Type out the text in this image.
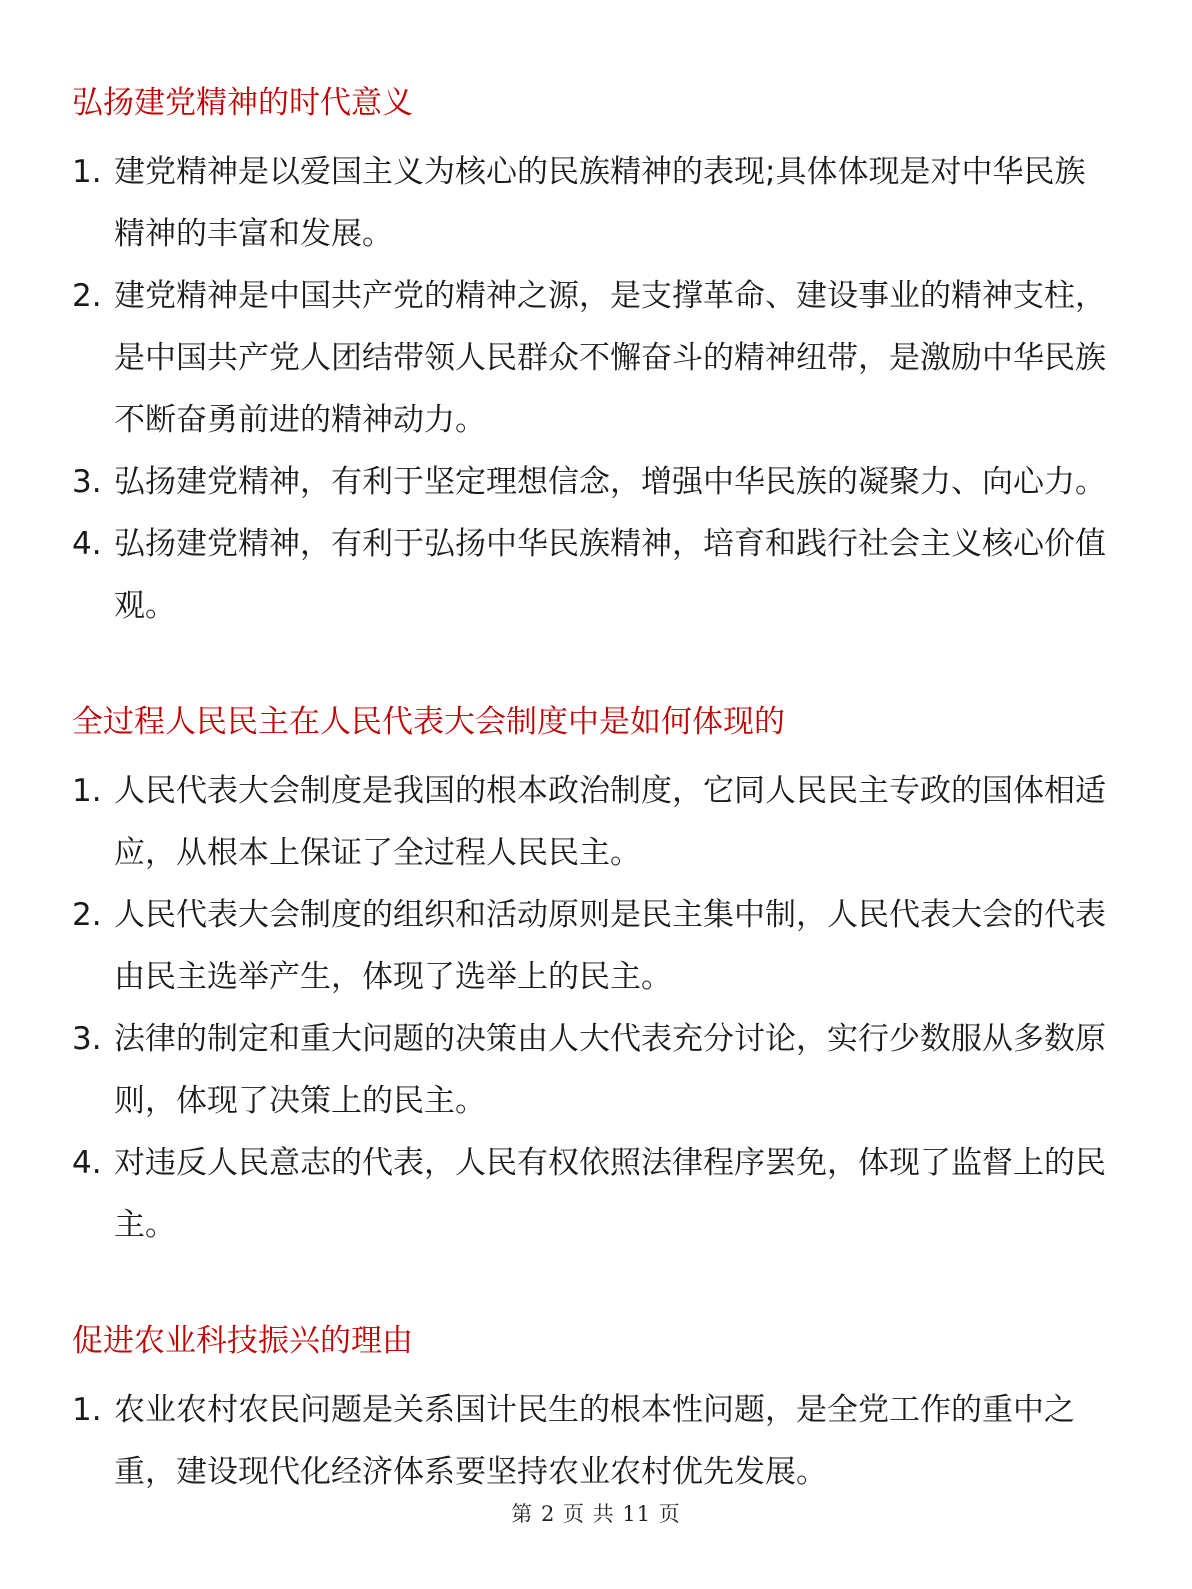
弘扬建党精神的时代意义
1. 建党精神是以爱国主义为核心的民族精神的表现;具体体现是对中华民族精神的丰富和发展。
2. 建党精神是中国共产党的精神之源，是支撑革命、建设事业的精神支柱，是中国共产党人团结带领人民群众不懈奋斗的精神纽带，是激励中华民族不断奋勇前进的精神动力。
3. 弘扬建党精神，有利于坚定理想信念，增强中华民族的凝聚力、向心力。
4. 弘扬建党精神，有利于弘扬中华民族精神，培育和践行社会主义核心价值观。
全过程人民民主在人民代表大会制度中是如何体现的
1. 人民代表大会制度是我国的根本政治制度，它同人民民主专政的国体相适应，从根本上保证了全过程人民民主。
2. 人民代表大会制度的组织和活动原则是民主集中制，人民代表大会的代表由民主选举产生，体现了选举上的民主。
3. 法律的制定和重大问题的决策由人大代表充分讨论，实行少数服从多数原则，体现了决策上的民主。
4. 对违反人民意志的代表，人民有权依照法律程序罢免，体现了监督上的民主。
促进农业科技振兴的理由
1. 农业农村农民问题是关系国计民生的根本性问题，是全党工作的重中之重，建设现代化经济体系要坚持农业农村优先发展。
第 2 页 共 11 页
